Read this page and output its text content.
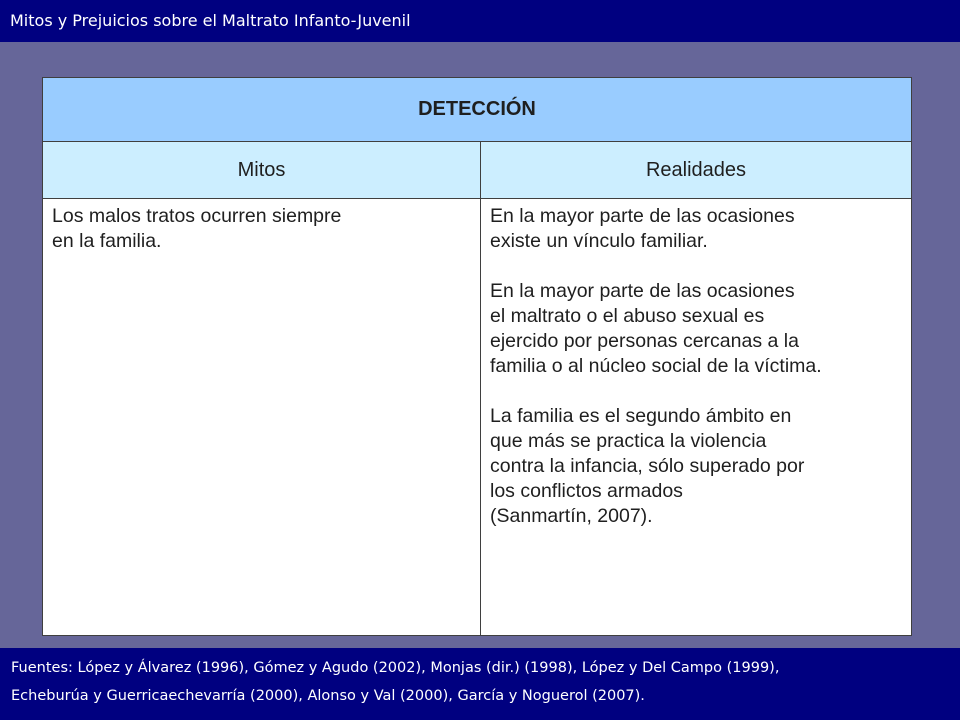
Mitos y Prejuicios sobre el Maltrato Infanto-Juvenil
DETECCIÓN
Mitos	Realidades
Los malos tratos ocurren siempre
en la familia.
En la mayor parte de las ocasiones
existe un vínculo familiar.
En la mayor parte de las ocasiones
el maltrato o el abuso sexual es
ejercido por personas cercanas a la
familia o al núcleo social de la víctima.
La familia es el segundo ámbito en
que más se practica la violencia
contra la infancia, sólo superado por
los conflictos armados
(Sanmartín, 2007).
Fuentes: López y Álvarez (1996), Gómez y Agudo (2002), Monjas (dir.) (1998), López y Del Campo (1999),
Echeburúa y Guerricaechevarría (2000), Alonso y Val (2000), García y Noguerol (2007).
